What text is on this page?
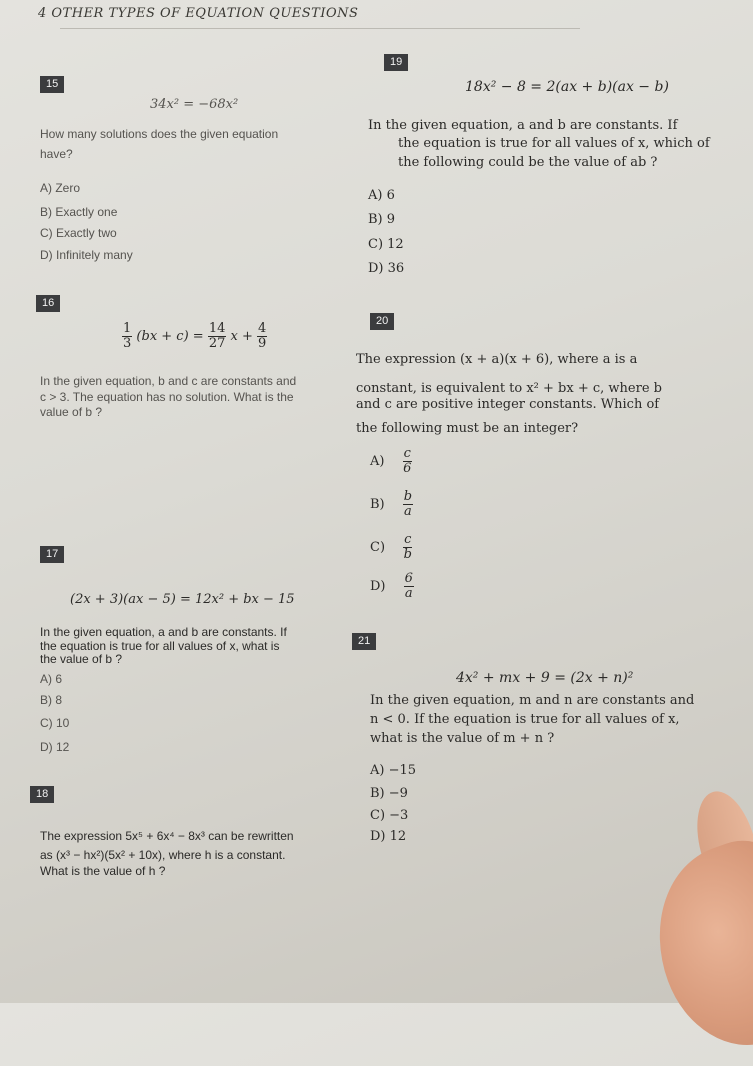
4 OTHER TYPES OF EQUATION QUESTIONS
15
34x² = −68x²
How many solutions does the given equation
have?
A) Zero
B) Exactly one
C) Exactly two
D) Infinitely many
16
$\frac{1}{3} (bx + c) = \frac{14}{27}$ $x + \frac{4}{9}$
In the given equation, b and c are constants and
c > 3. The equation has no solution. What is the
value of b ?
17
(2x + 3)(ax − 5) = 12x² + bx − 15
In the given equation, a and b are constants. If
the equation is true for all values of x, what is
the value of b ?
A) 6
B) 8
C) 10
D) 12
18
The expression 5x⁵ + 6x⁴ − 8x³ can be rewritten
as (x³ − hx²)(5x² + 10x), where h is a constant.
What is the value of h ?
19
18x² − 8 = 2(ax + b)(ax − b)
In the given equation, a and b are constants. If
the equation is true for all values of x, which of
the following could be the value of ab ?
A) 6
B) 9
C) 12
D) 36
20
The expression (x + a)(x + 6), where a is a
constant, is equivalent to x² + bx + c, where b
and c are positive integer constants. Which of
the following must be an integer?
$A) \frac{c}{6}$
$B) \frac{b}{a}$
$C) \frac{c}{b}$
$D) \frac{6}{a}$
21
4x² + mx + 9 = (2x + n)²
In the given equation, m and n are constants and
n < 0. If the equation is true for all values of x,
what is the value of m + n ?
A) −15
B) −9
C) −3
D) 12
